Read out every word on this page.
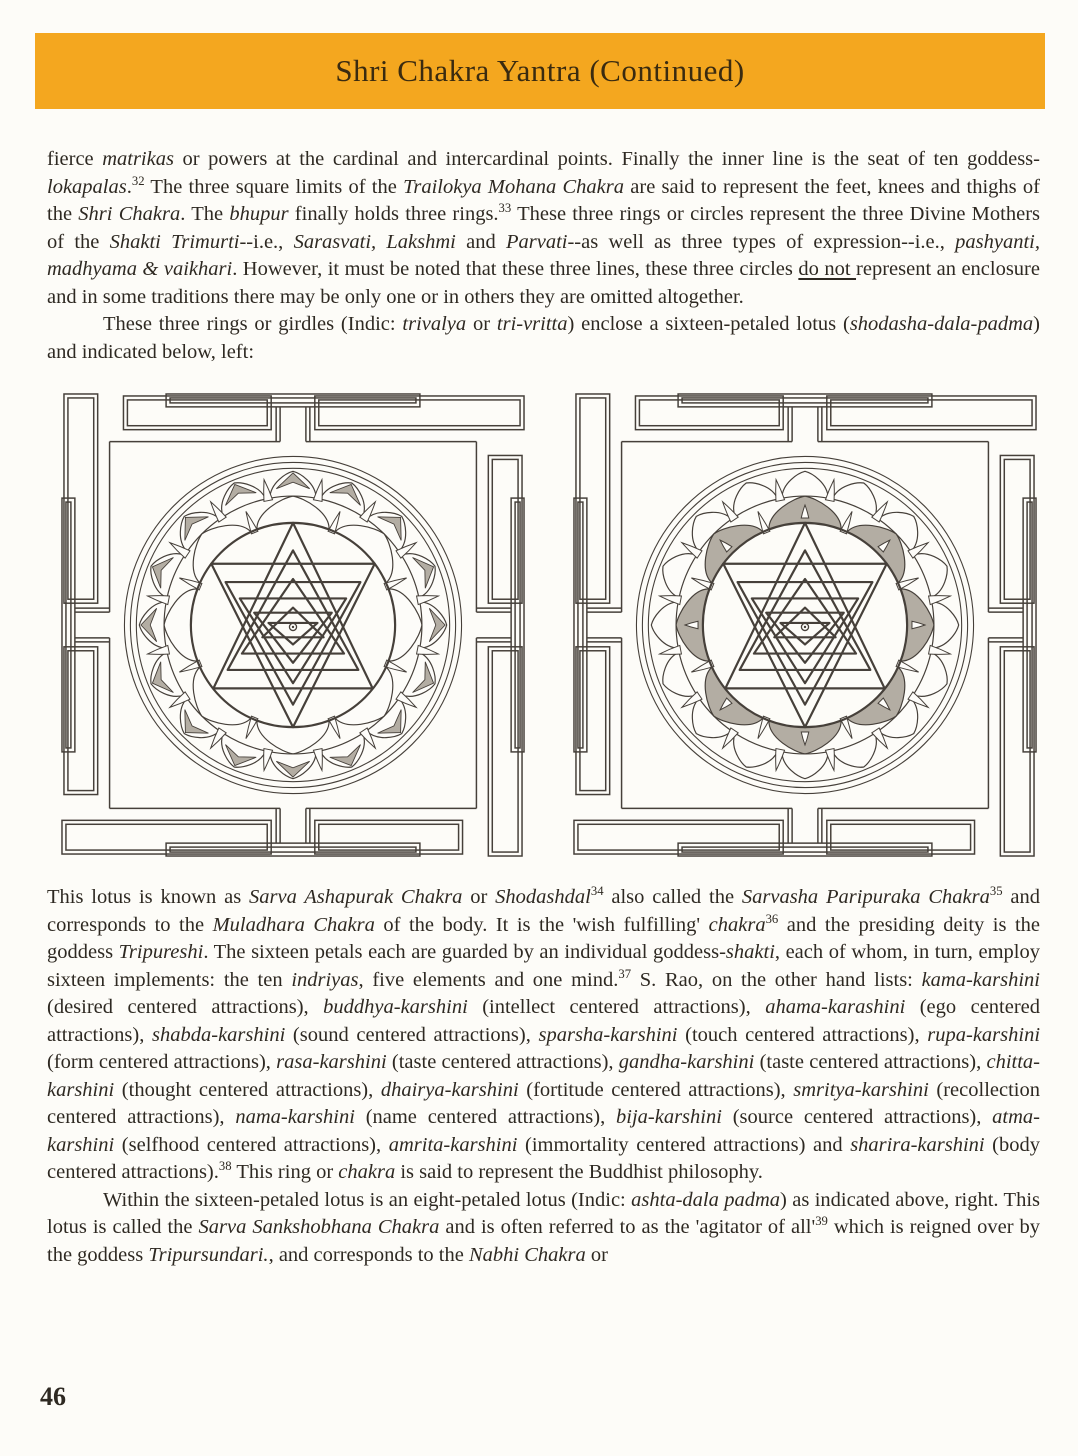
Shri Chakra Yantra (Continued)

fierce matrikas or powers at the cardinal and intercardinal points. Finally the inner line is the seat of ten goddess-lokapalas.$^{32}$ The three square limits of the Trailokya Mohana Chakra are said to represent the feet, knees and thighs of the Shri Chakra. The bhupur finally holds three rings.$^{33}$ These three rings or circles represent the three Divine Mothers of the Shakti Trimurti--i.e., Sarasvati, Lakshmi and Parvati--as well as three types of expression--i.e., pashyanti, madhyama & vaikhari. However, it must be noted that these three lines, these three circles do not represent an enclosure and in some traditions there may be only one or in others they are omitted altogether.

These three rings or girdles (Indic: trivalya or tri-vritta) enclose a sixteen-petaled lotus (shodasha-dala-padma) and indicated below, left:

This lotus is known as Sarva Ashapurak Chakra or Shodashdal$^{34}$ also called the Sarvasha Paripuraka Chakra$^{35}$ and corresponds to the Muladhara Chakra of the body. It is the 'wish fulfilling' chakra$^{36}$ and the presiding deity is the goddess Tripureshi. The sixteen petals each are guarded by an individual goddess-shakti, each of whom, in turn, employ sixteen implements: the ten indriyas, five elements and one mind.$^{37}$ S. Rao, on the other hand lists: kama-karshini (desired centered attractions), buddhya-karshini (intellect centered attractions), ahama-karashini (ego centered attractions), shabda-karshini (sound centered attractions), sparsha-karshini (touch centered attractions), rupa-karshini (form centered attractions), rasa-karshini (taste centered attractions), gandha-karshini (taste centered attractions), chitta-karshini (thought centered attractions), dhairya-karshini (fortitude centered attractions), smritya-karshini (recollection centered attractions), nama-karshini (name centered attractions), bija-karshini (source centered attractions), atma-karshini (selfhood centered attractions), amrita-karshini (immortality centered attractions) and sharira-karshini (body centered attractions).$^{38}$ This ring or chakra is said to represent the Buddhist philosophy.

Within the sixteen-petaled lotus is an eight-petaled lotus (Indic: ashta-dala padma) as indicated above, right. This lotus is called the Sarva Sankshobhana Chakra and is often referred to as the 'agitator of $all'^{39}$ which is reigned over by the goddess Tripursundari., and corresponds to the Nabhi Chakra or

46
